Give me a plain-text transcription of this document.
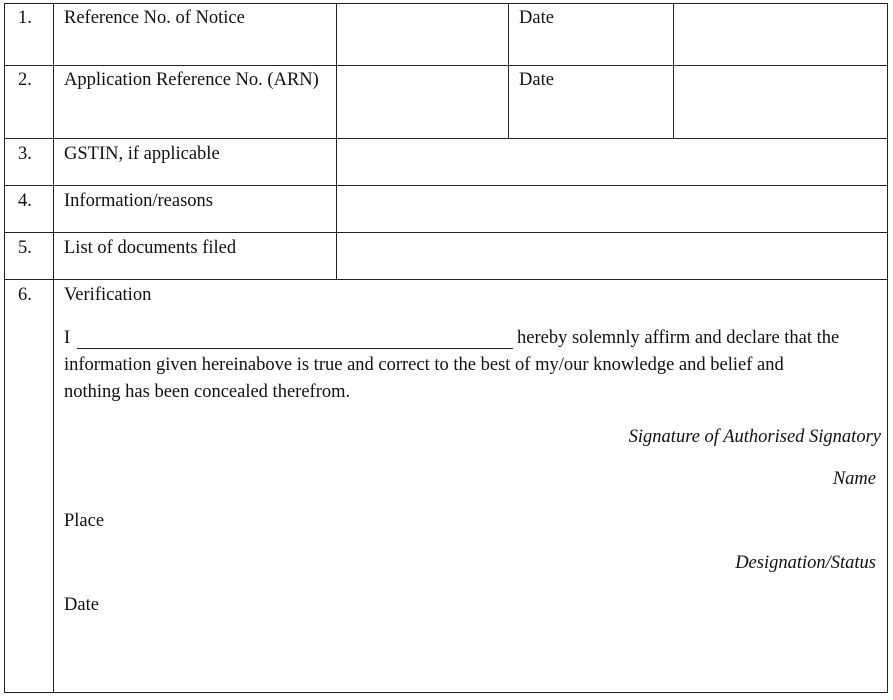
1. Reference No. of Notice	Date
2. Application Reference No. (ARN)	Date
3. GSTIN, if applicable
4. Information/reasons
5. List of documents filed
6. Verification
I	hereby solemnly affirm and declare that the
information given hereinabove is true and correct to the best of my/our knowledge and belief and
nothing has been concealed therefrom.
Signature of Authorised Signatory
Name
Place
Designation/Status
Date
